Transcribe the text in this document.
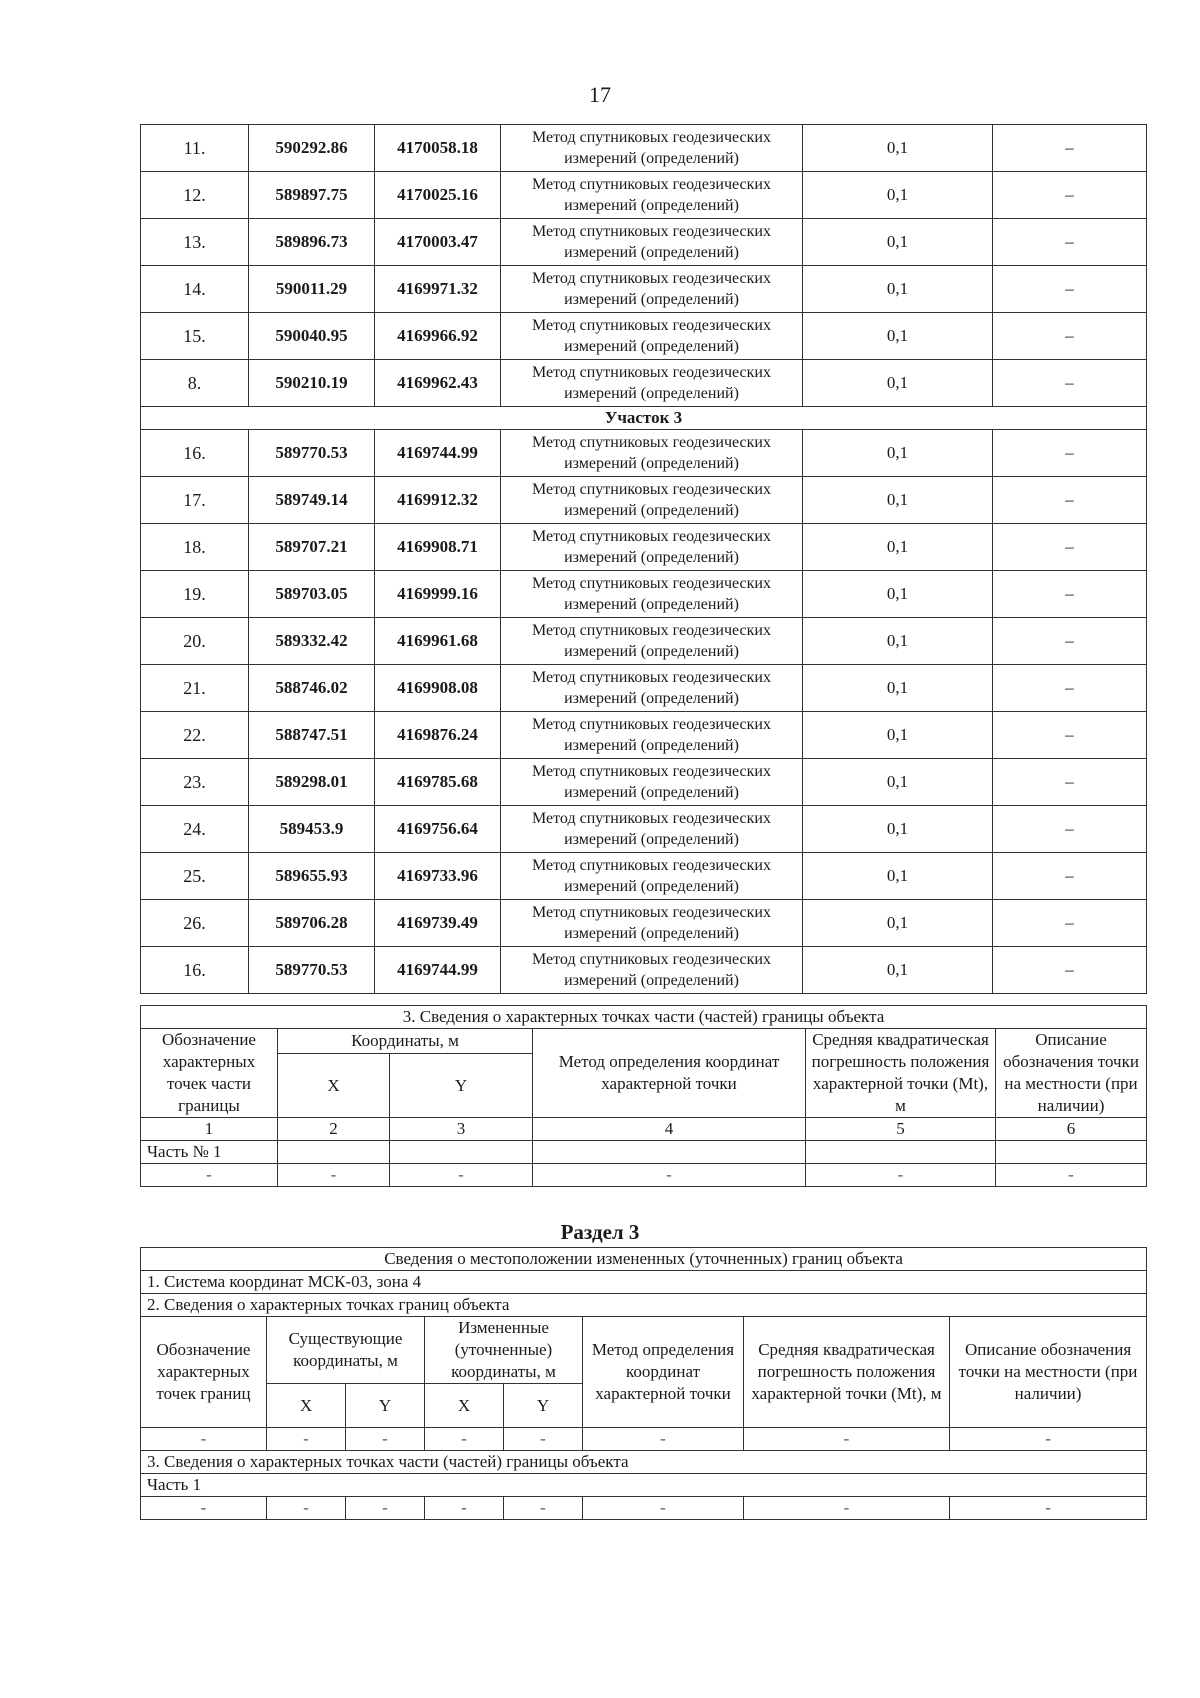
17
11.	590292.86	4170058.18	Метод спутниковых геодезических измерений (определений)	0,1	–
12.	589897.75	4170025.16	Метод спутниковых геодезических измерений (определений)	0,1	–
13.	589896.73	4170003.47	Метод спутниковых геодезических измерений (определений)	0,1	–
14.	590011.29	4169971.32	Метод спутниковых геодезических измерений (определений)	0,1	–
15.	590040.95	4169966.92	Метод спутниковых геодезических измерений (определений)	0,1	–
8.	590210.19	4169962.43	Метод спутниковых геодезических измерений (определений)	0,1	–
Участок 3					
16.	589770.53	4169744.99	Метод спутниковых геодезических измерений (определений)	0,1	–
17.	589749.14	4169912.32	Метод спутниковых геодезических измерений (определений)	0,1	–
18.	589707.21	4169908.71	Метод спутниковых геодезических измерений (определений)	0,1	–
19.	589703.05	4169999.16	Метод спутниковых геодезических измерений (определений)	0,1	–
20.	589332.42	4169961.68	Метод спутниковых геодезических измерений (определений)	0,1	–
21.	588746.02	4169908.08	Метод спутниковых геодезических измерений (определений)	0,1	–
22.	588747.51	4169876.24	Метод спутниковых геодезических измерений (определений)	0,1	–
23.	589298.01	4169785.68	Метод спутниковых геодезических измерений (определений)	0,1	–
24.	589453.9	4169756.64	Метод спутниковых геодезических измерений (определений)	0,1	–
25.	589655.93	4169733.96	Метод спутниковых геодезических измерений (определений)	0,1	–
26.	589706.28	4169739.49	Метод спутниковых геодезических измерений (определений)	0,1	–
16.	589770.53	4169744.99	Метод спутниковых геодезических измерений (определений)	0,1	–
3. Сведения о характерных точках части (частей) границы объекта					
Обозначение характерных точек части границы	Координаты, м		Метод определения координат характерной точки	Средняя квадратическая погрешность положения характерной точки (Mt), м	Описание обозначения точки на местности (при наличии)
	X	Y			
1	2	3	4	5	6
Часть № 1					
-	-	-	-	-	-
Раздел 3
Сведения о местоположении измененных (уточненных) границ объекта							
1. Система координат МСК-03, зона 4							
2. Сведения о характерных точках границ объекта							
Обозначение характерных точек границ	Существующие координаты, м		Измененные (уточненные) координаты, м		Метод определения координат характерной точки	Средняя квадратическая погрешность положения характерной точки (Mt), м	Описание обозначения точки на местности (при наличии)
	X	Y	X	Y			
-	-	-	-	-	-	-	-
3. Сведения о характерных точках части (частей) границы объекта							
Часть 1							
-	-	-	-	-	-	-	-
